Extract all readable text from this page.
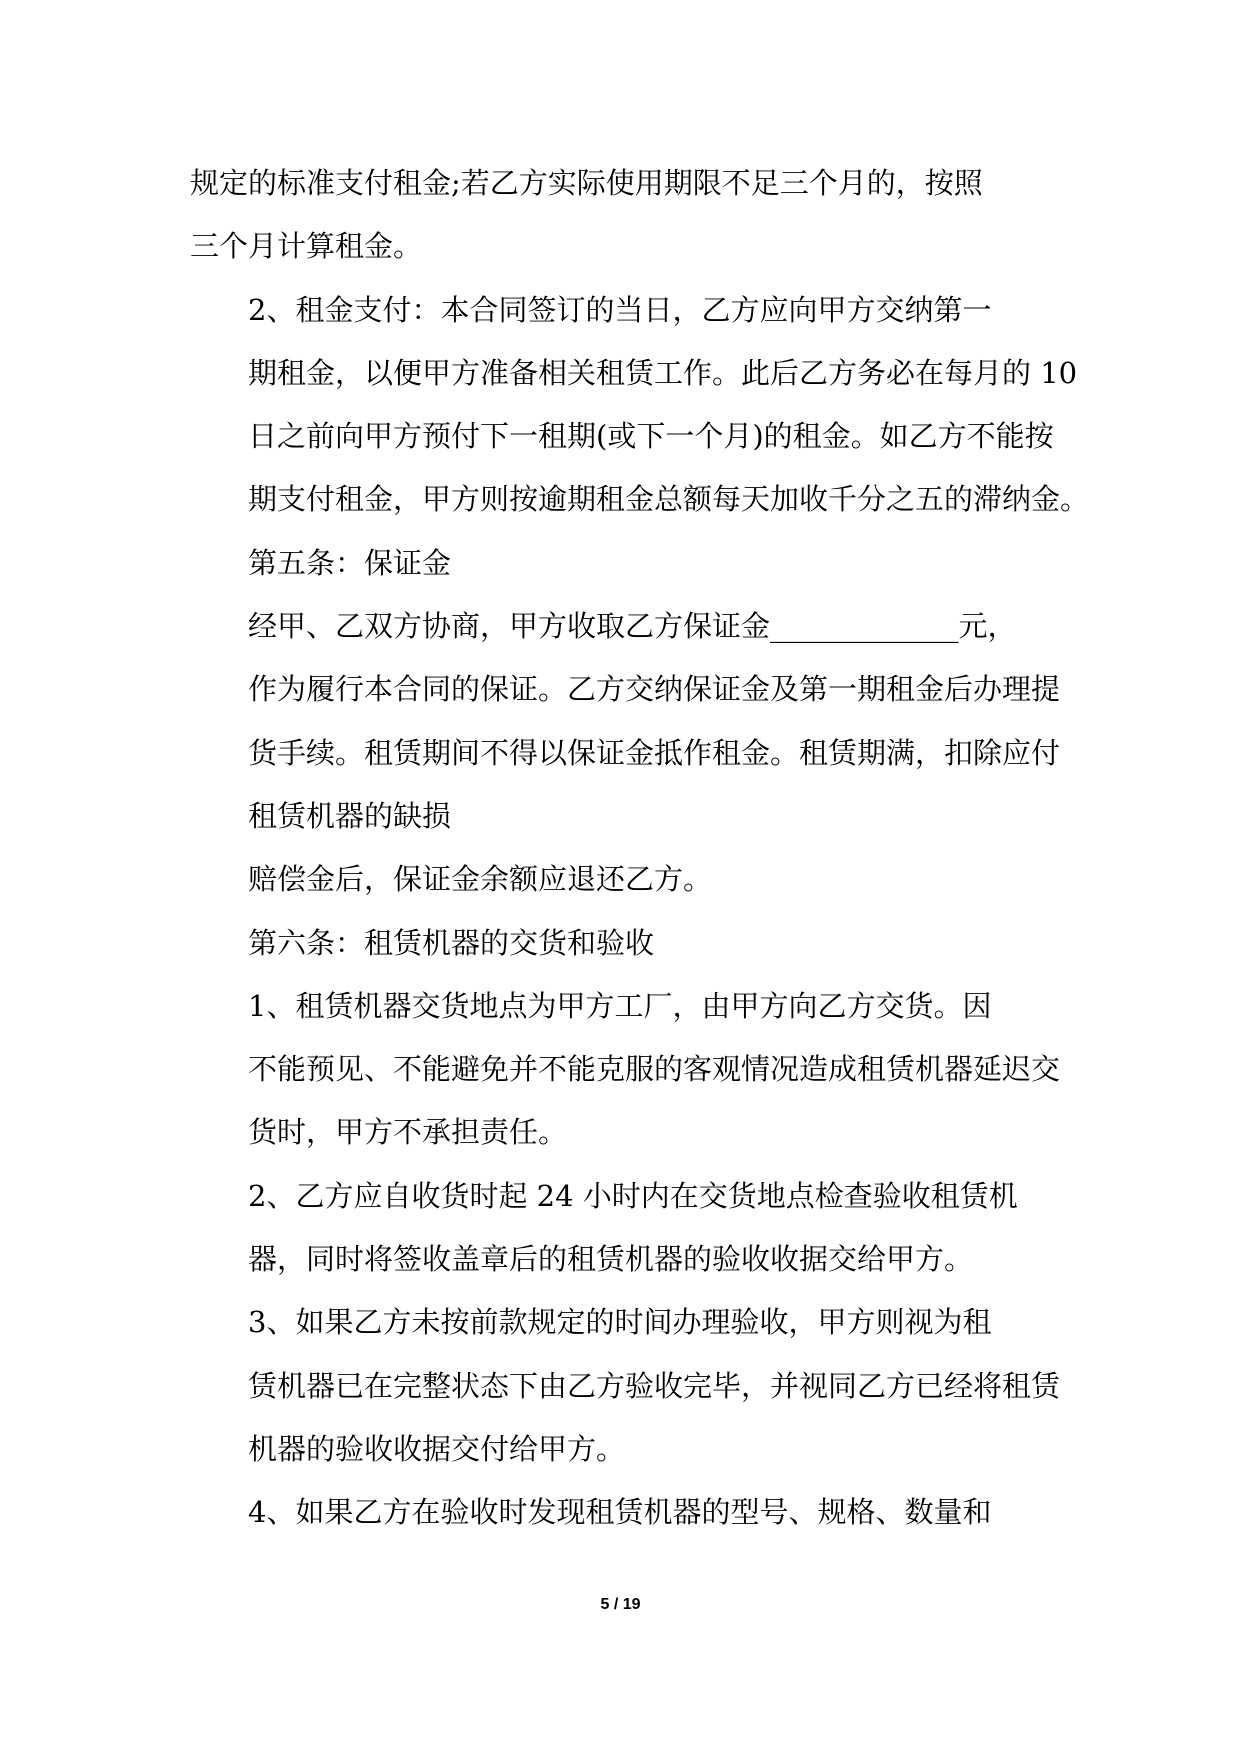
规定的标准支付租金;若乙方实际使用期限不足三个月的，按照
三个月计算租金。

2、租金支付：本合同签订的当日，乙方应向甲方交纳第一
期租金，以便甲方准备相关租赁工作。此后乙方务必在每月的 10
日之前向甲方预付下一租期(或下一个月)的租金。如乙方不能按
期支付租金，甲方则按逾期租金总额每天加收千分之五的滞纳金。

第五条：保证金

经甲、乙双方协商，甲方收取乙方保证金_____________元，
作为履行本合同的保证。乙方交纳保证金及第一期租金后办理提
货手续。租赁期间不得以保证金抵作租金。租赁期满，扣除应付
租赁机器的缺损

赔偿金后，保证金余额应退还乙方。

第六条：租赁机器的交货和验收

1、租赁机器交货地点为甲方工厂，由甲方向乙方交货。因
不能预见、不能避免并不能克服的客观情况造成租赁机器延迟交
货时，甲方不承担责任。

2、乙方应自收货时起 24 小时内在交货地点检查验收租赁机
器，同时将签收盖章后的租赁机器的验收收据交给甲方。

3、如果乙方未按前款规定的时间办理验收，甲方则视为租
赁机器已在完整状态下由乙方验收完毕，并视同乙方已经将租赁
机器的验收收据交付给甲方。

4、如果乙方在验收时发现租赁机器的型号、规格、数量和

5 / 19
